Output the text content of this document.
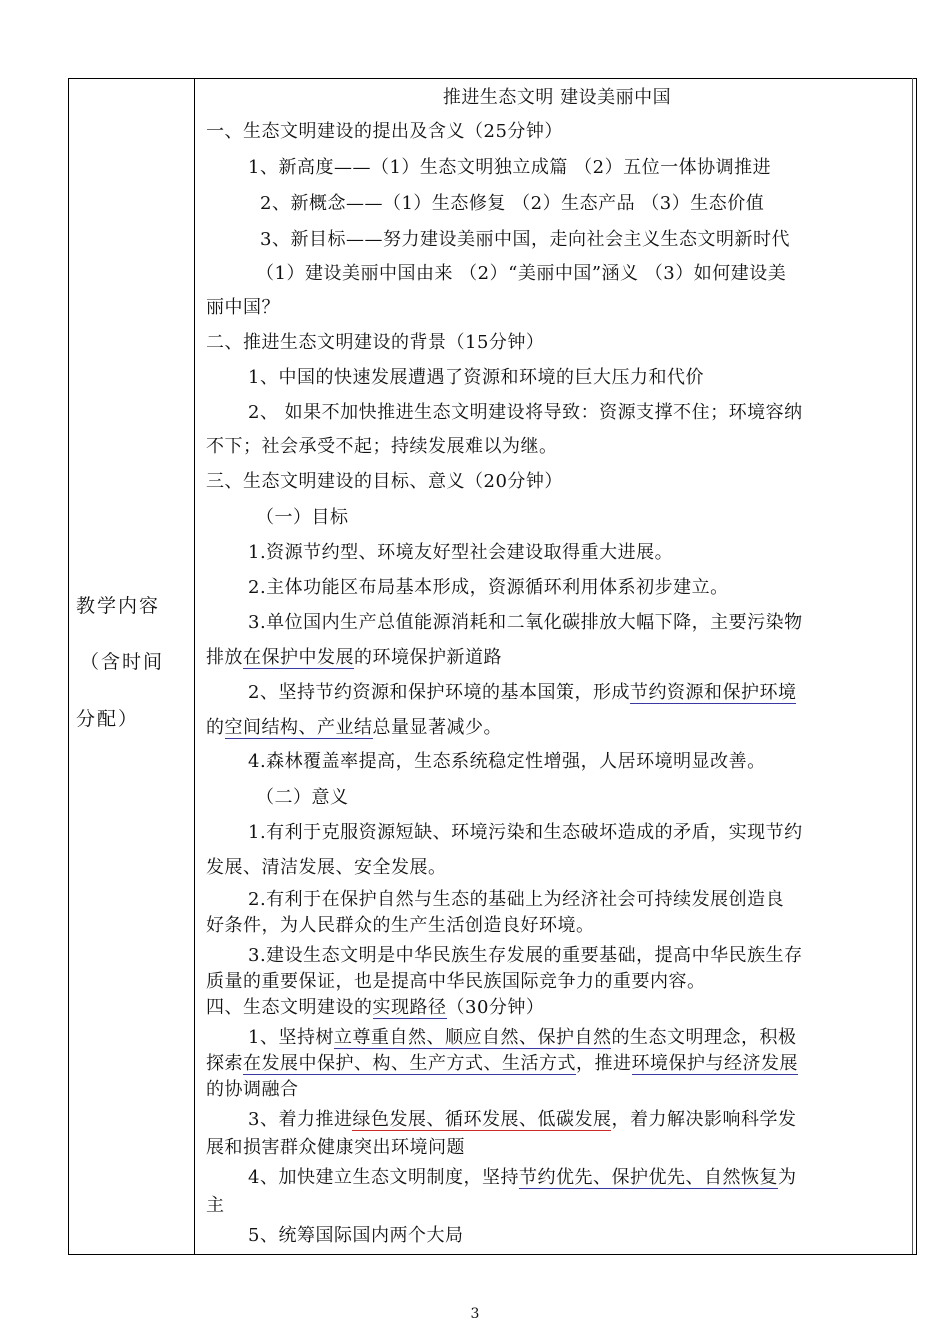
教学内容
（含时间
分配）
推进生态文明 建设美丽中国
一、生态文明建设的提出及含义（25分钟）
1、新高度——（1）生态文明独立成篇 （2）五位一体协调推进
2、新概念——（1）生态修复 （2）生态产品 （3）生态价值
3、新目标——努力建设美丽中国，走向社会主义生态文明新时代
（1）建设美丽中国由来 （2）“美丽中国”涵义 （3）如何建设美
丽中国？
二、推进生态文明建设的背景（15分钟）
1、中国的快速发展遭遇了资源和环境的巨大压力和代价
2、 如果不加快推进生态文明建设将导致：资源支撑不住；环境容纳
不下；社会承受不起；持续发展难以为继。
三、生态文明建设的目标、意义（20分钟）
（一）目标
1.资源节约型、环境友好型社会建设取得重大进展。
2.主体功能区布局基本形成，资源循环利用体系初步建立。
3.单位国内生产总值能源消耗和二氧化碳排放大幅下降，主要污染物
排放在保护中发展的环境保护新道路
2、坚持节约资源和保护环境的基本国策，形成节约资源和保护环境
的空间结构、产业结总量显著减少。
4.森林覆盖率提高，生态系统稳定性增强，人居环境明显改善。
（二）意义
1.有利于克服资源短缺、环境污染和生态破坏造成的矛盾，实现节约
发展、清洁发展、安全发展。
2.有利于在保护自然与生态的基础上为经济社会可持续发展创造良
好条件，为人民群众的生产生活创造良好环境。
3.建设生态文明是中华民族生存发展的重要基础，提高中华民族生存
质量的重要保证，也是提高中华民族国际竞争力的重要内容。
四、生态文明建设的实现路径（30分钟）
1、坚持树立尊重自然、顺应自然、保护自然的生态文明理念，积极
探索在发展中保护、构、生产方式、生活方式，推进环境保护与经济发展
的协调融合
3、着力推进绿色发展、循环发展、低碳发展，着力解决影响科学发
展和损害群众健康突出环境问题
4、加快建立生态文明制度，坚持节约优先、保护优先、自然恢复为
主
5、统筹国际国内两个大局
3
